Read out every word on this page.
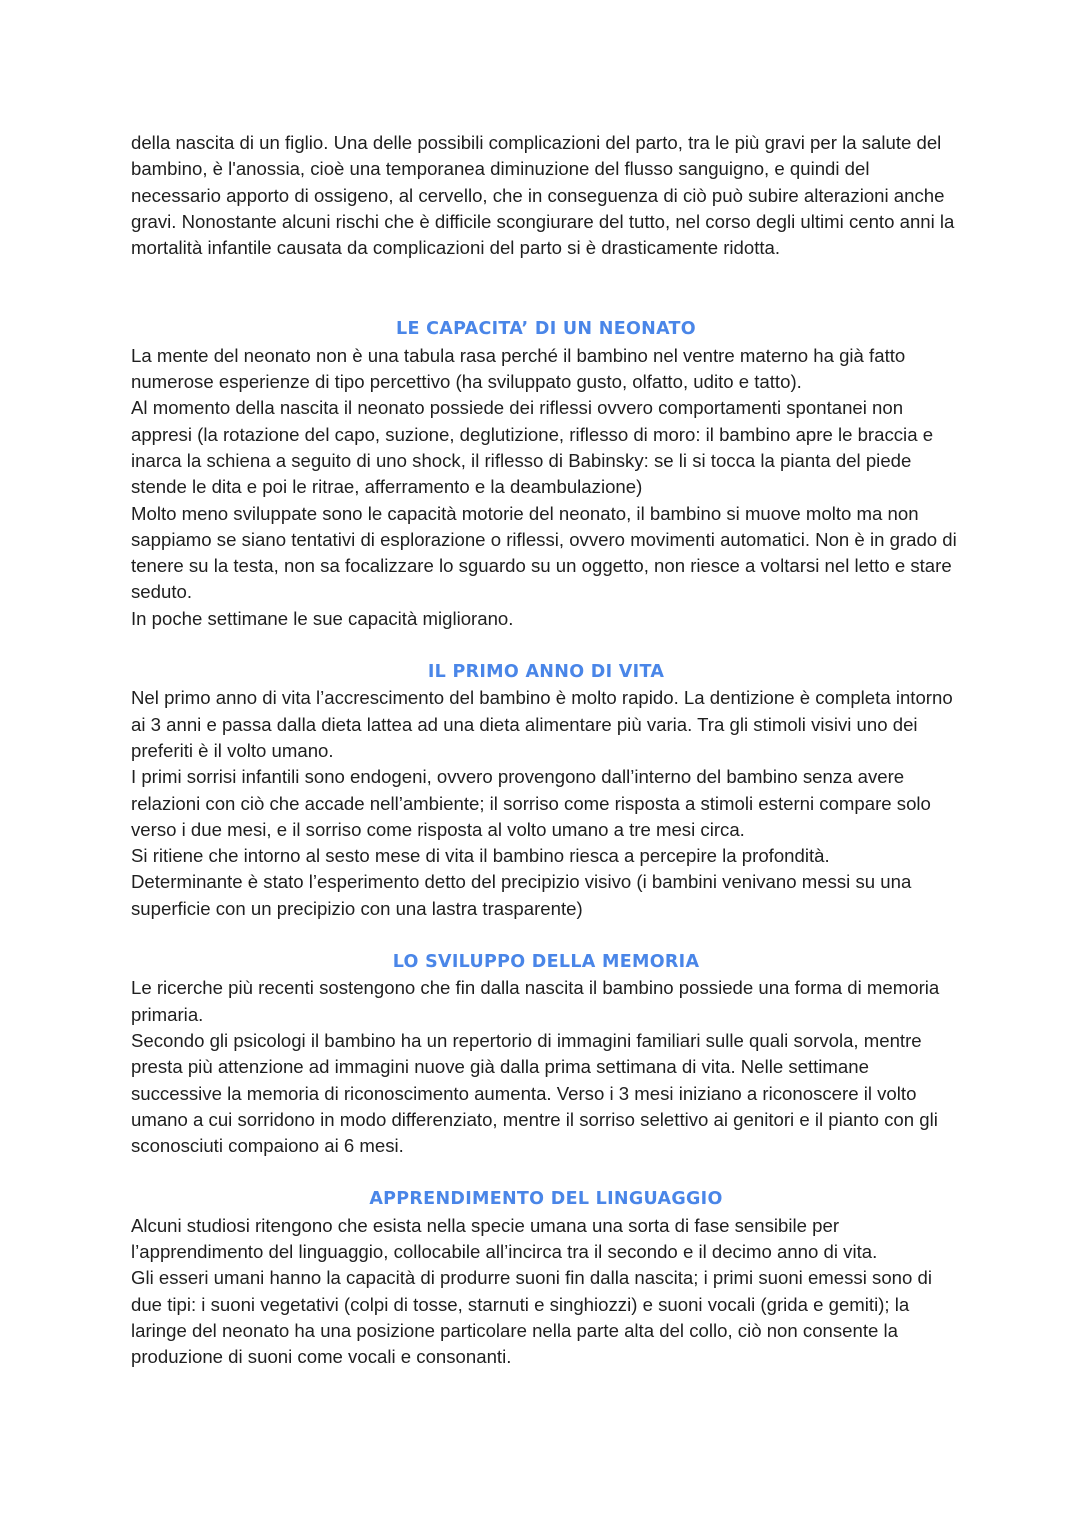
della nascita di un figlio. Una delle possibili complicazioni del parto, tra le più gravi per la salute del bambino, è l'anossia, cioè una temporanea diminuzione del flusso sanguigno, e quindi del necessario apporto di ossigeno, al cervello, che in conseguenza di ciò può subire alterazioni anche gravi. Nonostante alcuni rischi che è difficile scongiurare del tutto, nel corso degli ultimi cento anni la mortalità infantile causata da complicazioni del parto si è drasticamente ridotta.

LE CAPACITA’ DI UN NEONATO

La mente del neonato non è una tabula rasa perché il bambino nel ventre materno ha già fatto numerose esperienze di tipo percettivo (ha sviluppato gusto, olfatto, udito e tatto).

Al momento della nascita il neonato possiede dei riflessi ovvero comportamenti spontanei non appresi (la rotazione del capo, suzione, deglutizione, riflesso di moro: il bambino apre le braccia e inarca la schiena a seguito di uno shock, il riflesso di Babinsky: se li si tocca la pianta del piede stende le dita e poi le ritrae, afferramento e la deambulazione)

Molto meno sviluppate sono le capacità motorie del neonato, il bambino si muove molto ma non sappiamo se siano tentativi di esplorazione o riflessi, ovvero movimenti automatici. Non è in grado di tenere su la testa, non sa focalizzare lo sguardo su un oggetto, non riesce a voltarsi nel letto e stare seduto.

In poche settimane le sue capacità migliorano.

IL PRIMO ANNO DI VITA

Nel primo anno di vita l’accrescimento del bambino è molto rapido. La dentizione è completa intorno ai 3 anni e passa dalla dieta lattea ad una dieta alimentare più varia. Tra gli stimoli visivi uno dei preferiti è il volto umano.

I primi sorrisi infantili sono endogeni, ovvero provengono dall’interno del bambino senza avere relazioni con ciò che accade nell’ambiente; il sorriso come risposta a stimoli esterni compare solo verso i due mesi, e il sorriso come risposta al volto umano a tre mesi circa.

Si ritiene che intorno al sesto mese di vita il bambino riesca a percepire la profondità.

Determinante è stato l’esperimento detto del precipizio visivo (i bambini venivano messi su una superficie con un precipizio con una lastra trasparente)

LO SVILUPPO DELLA MEMORIA

Le ricerche più recenti sostengono che fin dalla nascita il bambino possiede una forma di memoria primaria.

Secondo gli psicologi il bambino ha un repertorio di immagini familiari sulle quali sorvola, mentre presta più attenzione ad immagini nuove già dalla prima settimana di vita. Nelle settimane successive la memoria di riconoscimento aumenta. Verso i 3 mesi iniziano a riconoscere il volto umano a cui sorridono in modo differenziato, mentre il sorriso selettivo ai genitori e il pianto con gli sconosciuti compaiono ai 6 mesi.

APPRENDIMENTO DEL LINGUAGGIO

Alcuni studiosi ritengono che esista nella specie umana una sorta di fase sensibile per l’apprendimento del linguaggio, collocabile all’incirca tra il secondo e il decimo anno di vita.

Gli esseri umani hanno la capacità di produrre suoni fin dalla nascita; i primi suoni emessi sono di due tipi: i suoni vegetativi (colpi di tosse, starnuti e singhiozzi) e suoni vocali (grida e gemiti); la laringe del neonato ha una posizione particolare nella parte alta del collo, ciò non consente la produzione di suoni come vocali e consonanti.
